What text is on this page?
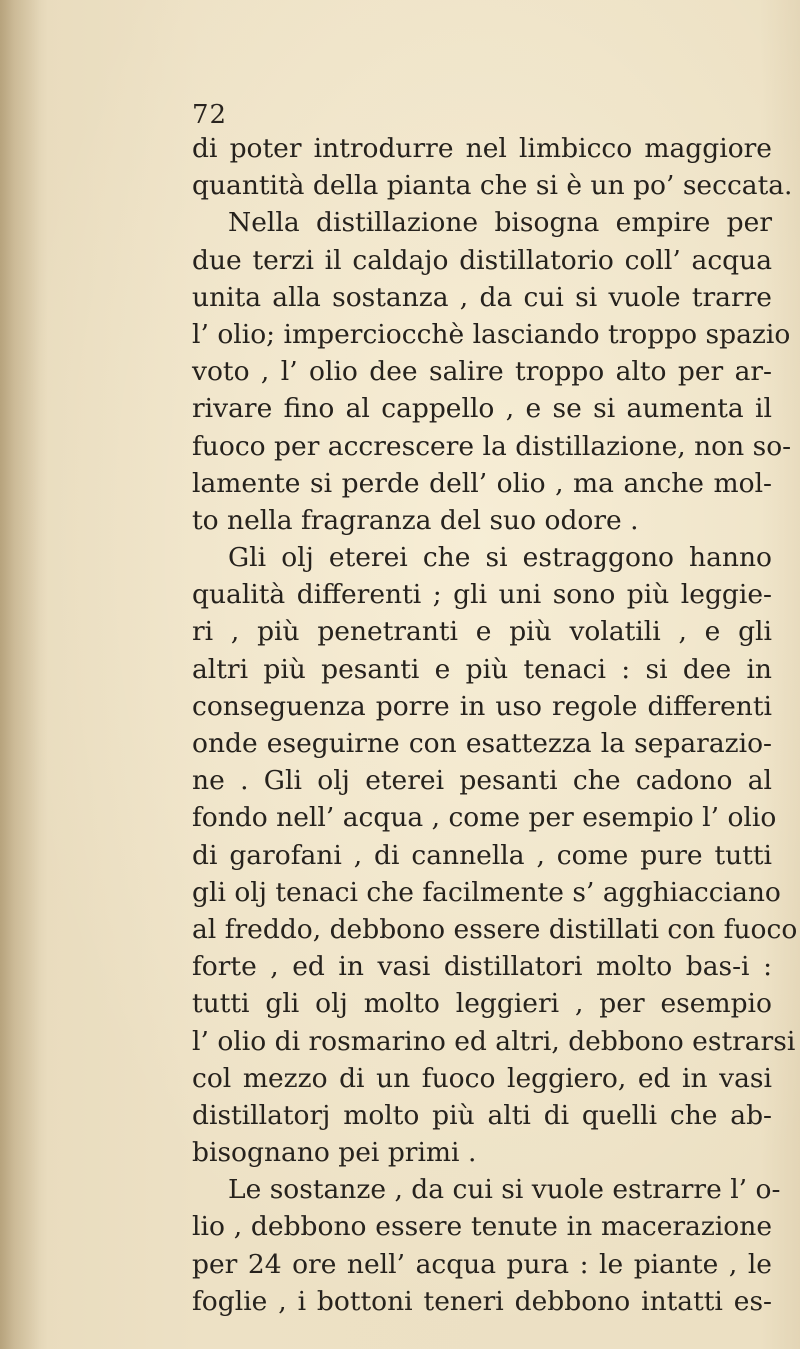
72
di poter introdurre nel limbicco maggiore
quantità della pianta che si è un po’ seccata.
Nella distillazione bisogna empire per
due terzi il caldajo distillatorio coll’ acqua
unita alla sostanza , da cui si vuole trarre
l’ olio; imperciocchè lasciando troppo spazio
voto , l’ olio dee salire troppo alto per ar-
rivare fino al cappello , e se si aumenta il
fuoco per accrescere la distillazione, non so-
lamente si perde dell’ olio , ma anche mol-
to nella fragranza del suo odore .
Gli olj eterei che si estraggono hanno
qualità differenti ; gli uni sono più leggie-
ri , più penetranti e più volatili , e gli
altri più pesanti e più tenaci : si dee in
conseguenza porre in uso regole differenti
onde eseguirne con esattezza la separazio-
ne . Gli olj eterei pesanti che cadono al
fondo nell’ acqua , come per esempio l’ olio
di garofani , di cannella , come pure tutti
gli olj tenaci che facilmente s’ agghiacciano
al freddo, debbono essere distillati con fuoco
forte , ed in vasi distillatori molto bas-i :
tutti gli olj molto leggieri , per esempio
l’ olio di rosmarino ed altri, debbono estrarsi
col mezzo di un fuoco leggiero, ed in vasi
distillatorj molto più alti di quelli che ab-
bisognano pei primi .
Le sostanze , da cui si vuole estrarre l’ o-
lio , debbono essere tenute in macerazione
per 24 ore nell’ acqua pura : le piante , le
foglie , i bottoni teneri debbono intatti es-
